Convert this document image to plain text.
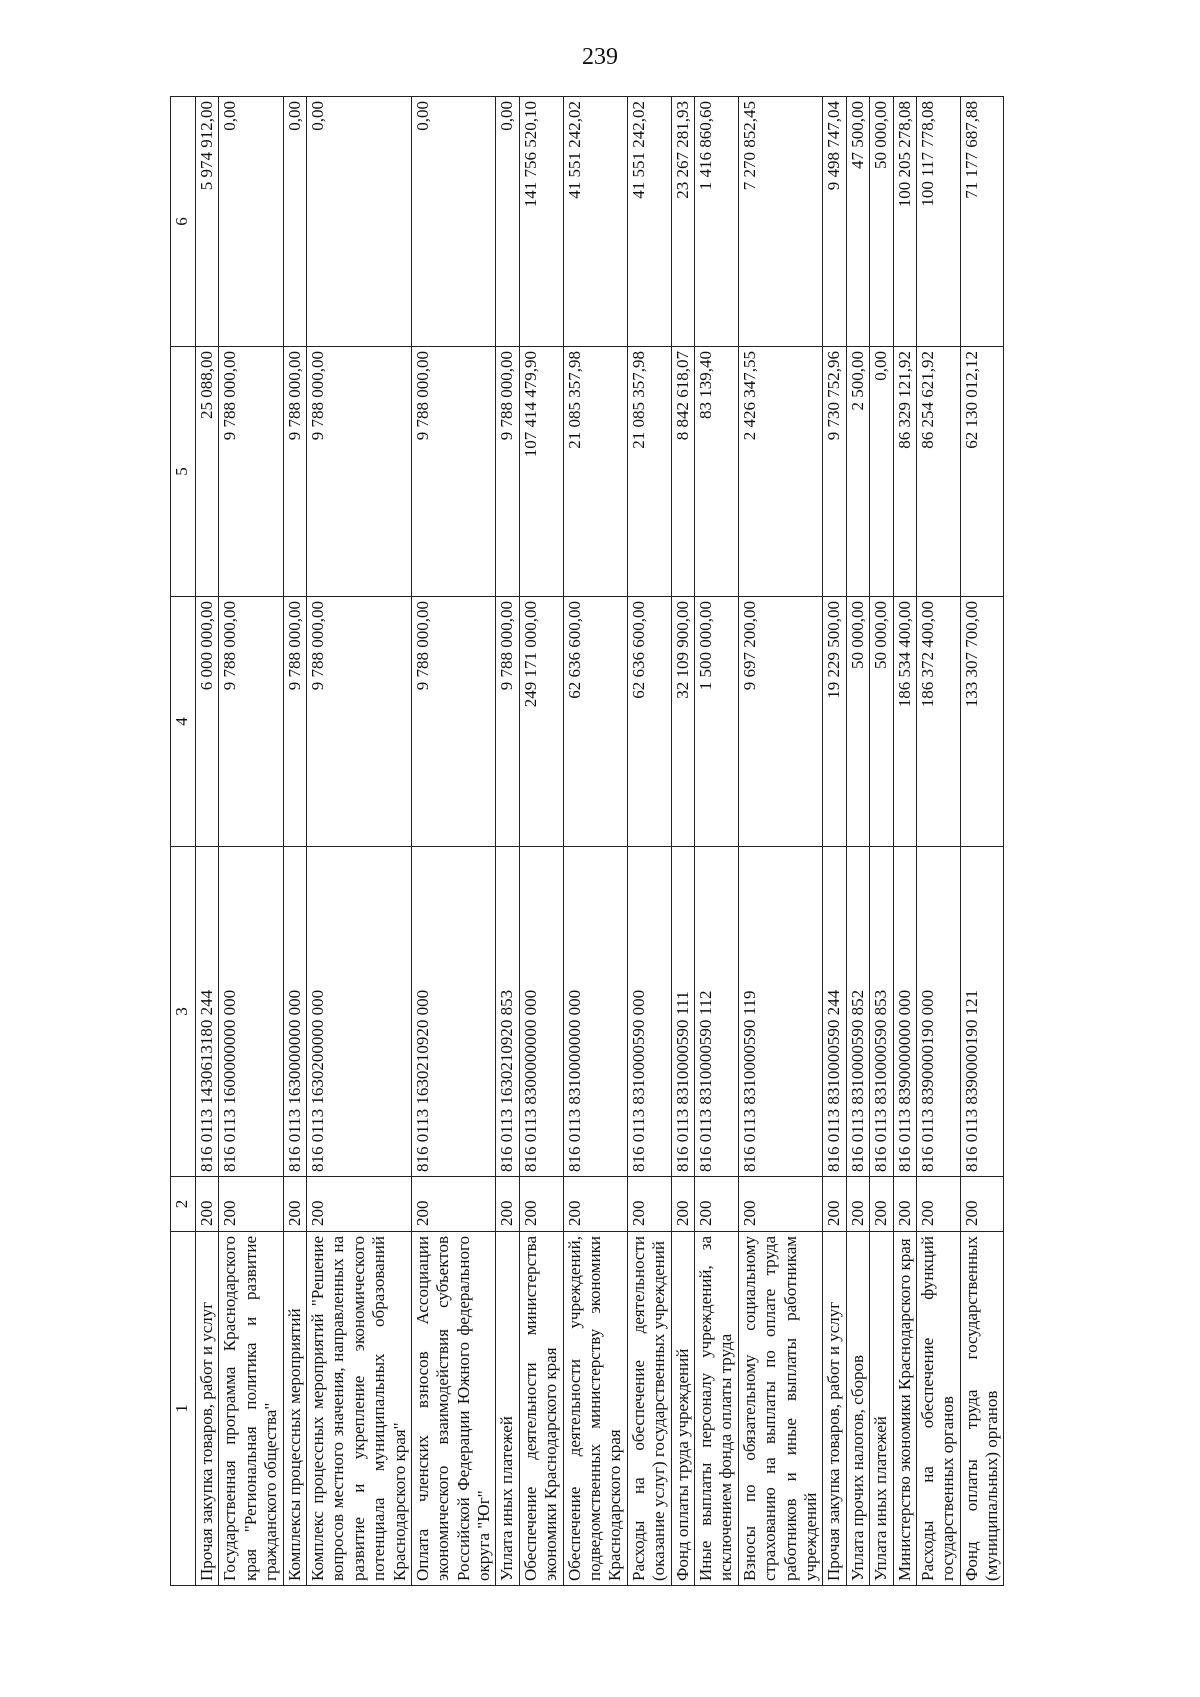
239
1	2	3	4	5	6
Прочая закупка товаров, работ и услуг	200	816 0113 1430613180 244	6 000 000,00	25 088,00	5 974 912,00
Государственная программа Краснодарского края "Региональная политика и развитие гражданского общества"	200	816 0113 1600000000 000	9 788 000,00	9 788 000,00	0,00
Комплексы процессных мероприятий	200	816 0113 1630000000 000	9 788 000,00	9 788 000,00	0,00
Комплекс процессных мероприятий "Решение вопросов местного значения, направленных на развитие и укрепление экономического потенциала муниципальных образований Краснодарского края"	200	816 0113 1630200000 000	9 788 000,00	9 788 000,00	0,00
Оплата членских взносов Ассоциации экономического взаимодействия субъектов Российской Федерации Южного федерального округа "Юг"	200	816 0113 1630210920 000	9 788 000,00	9 788 000,00	0,00
Уплата иных платежей	200	816 0113 1630210920 853	9 788 000,00	9 788 000,00	0,00
Обеспечение деятельности министерства экономики Краснодарского края	200	816 0113 8300000000 000	249 171 000,00	107 414 479,90	141 756 520,10
Обеспечение деятельности учреждений, подведомственных министерству экономики Краснодарского края	200	816 0113 8310000000 000	62 636 600,00	21 085 357,98	41 551 242,02
Расходы на обеспечение деятельности (оказание услуг) государственных учреждений	200	816 0113 8310000590 000	62 636 600,00	21 085 357,98	41 551 242,02
Фонд оплаты труда учреждений	200	816 0113 8310000590 111	32 109 900,00	8 842 618,07	23 267 281,93
Иные выплаты персоналу учреждений, за исключением фонда оплаты труда	200	816 0113 8310000590 112	1 500 000,00	83 139,40	1 416 860,60
Взносы по обязательному социальному страхованию на выплаты по оплате труда работников и иные выплаты работникам учреждений	200	816 0113 8310000590 119	9 697 200,00	2 426 347,55	7 270 852,45
Прочая закупка товаров, работ и услуг	200	816 0113 8310000590 244	19 229 500,00	9 730 752,96	9 498 747,04
Уплата прочих налогов, сборов	200	816 0113 8310000590 852	50 000,00	2 500,00	47 500,00
Уплата иных платежей	200	816 0113 8310000590 853	50 000,00	0,00	50 000,00
Министерство экономики Краснодарского края	200	816 0113 8390000000 000	186 534 400,00	86 329 121,92	100 205 278,08
Расходы на обеспечение функций государственных органов	200	816 0113 8390000190 000	186 372 400,00	86 254 621,92	100 117 778,08
Фонд оплаты труда государственных (муниципальных) органов	200	816 0113 8390000190 121	133 307 700,00	62 130 012,12	71 177 687,88
